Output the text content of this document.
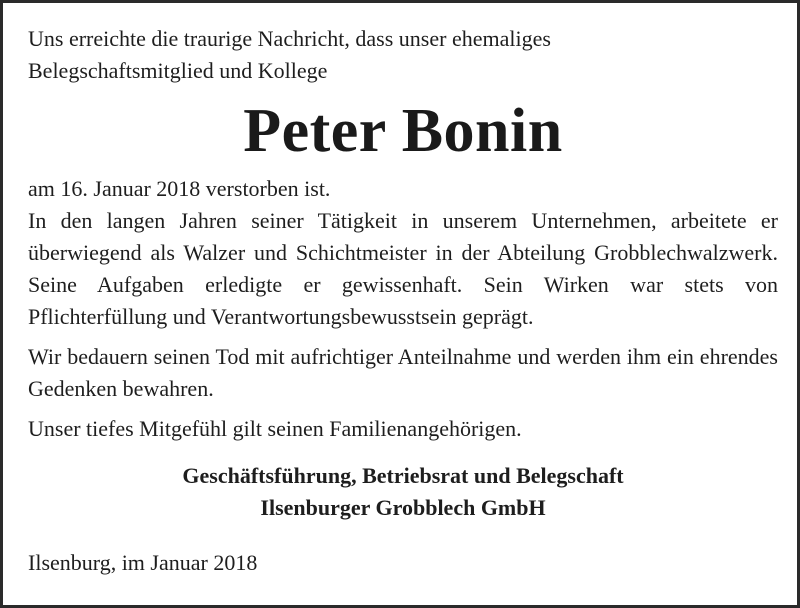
Uns erreichte die traurige Nachricht, dass unser ehemaliges

Belegschaftsmitglied und Kollege

Peter Bonin

am 16. Januar 2018 verstorben ist.

In den langen Jahren seiner Tätigkeit in unserem Unternehmen, arbeitete er überwiegend als Walzer und Schichtmeister in der Abteilung Grobblechwalzwerk. Seine Aufgaben erledigte er gewissenhaft. Sein Wirken war stets von Pflichterfüllung und Verantwortungsbewusstsein geprägt.

Wir bedauern seinen Tod mit aufrichtiger Anteilnahme und werden ihm ein ehrendes Gedenken bewahren.

Unser tiefes Mitgefühl gilt seinen Familienangehörigen.

Geschäftsführung, Betriebsrat und Belegschaft

Ilsenburger Grobblech GmbH

Ilsenburg, im Januar 2018
